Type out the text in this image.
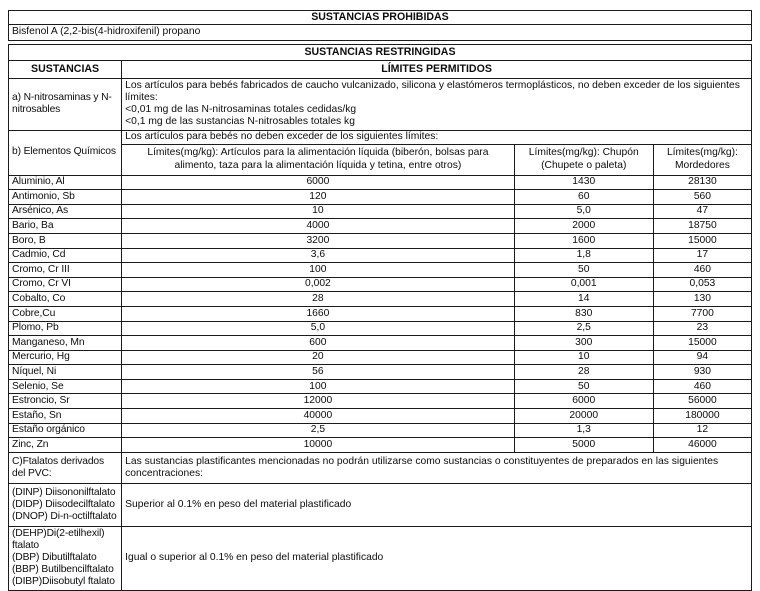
SUSTANCIAS PROHIBIDAS
Bisfenol A (2,2-bis(4-hidroxifenil) propano
SUSTANCIAS RESTRINGIDAS			
SUSTANCIAS	LÍMITES PERMITIDOS		
a) N-nitrosaminas y N-nitrosables	Los artículos para bebés fabricados de caucho vulcanizado, silicona y elastómeros termoplásticos, no deben exceder de los siguientes límites:
<0,01 mg de las N-nitrosaminas totales cedidas/kg
<0,1 mg de las sustancias N-nitrosables totales kg		

b) Elementos Químicos	Los artículos para bebés no deben exceder de los siguientes límites:		
	Límites(mg/kg): Artículos para la alimentación líquida (biberón, bolsas para alimento, taza para la alimentación líquida y tetina, entre otros)	Límites(mg/kg): Chupón (Chupete o paleta)	Límites(mg/kg): Mordedores
Aluminio, Al	6000	1430	28130
Antimonio, Sb	120	60	560
Arsénico, As	10	5,0	47
Bario, Ba	4000	2000	18750
Boro, B	3200	1600	15000
Cadmio, Cd	3,6	1,8	17
Cromo, Cr III	100	50	460
Cromo, Cr VI	0,002	0,001	0,053
Cobalto, Co	28	14	130
Cobre,Cu	1660	830	7700
Plomo, Pb	5,0	2,5	23
Manganeso, Mn	600	300	15000
Mercurio, Hg	20	10	94
Níquel, Ni	56	28	930
Selenio, Se	100	50	460
Estroncio, Sr	12000	6000	56000
Estaño, Sn	40000	20000	180000
Estaño orgánico	2,5	1,3	12
Zinc, Zn	10000	5000	46000
C)Ftalatos derivados del PVC:	Las sustancias plastificantes mencionadas no podrán utilizarse como sustancias o constituyentes de preparados en las siguientes concentraciones:		

(DINP) Diisononilftalato
(DIDP) Diisodecilftalato
(DNOP) Di-n-octilftalato	Superior al 0.1% en peso del material plastificado		

(DEHP)Di(2-etilhexil) ftalato
(DBP) Dibutilftalato
(BBP) Butilbencilftalato
(DIBP)Diisobutyl ftalato	Igual o superior al 0.1% en peso del material plastificado		
